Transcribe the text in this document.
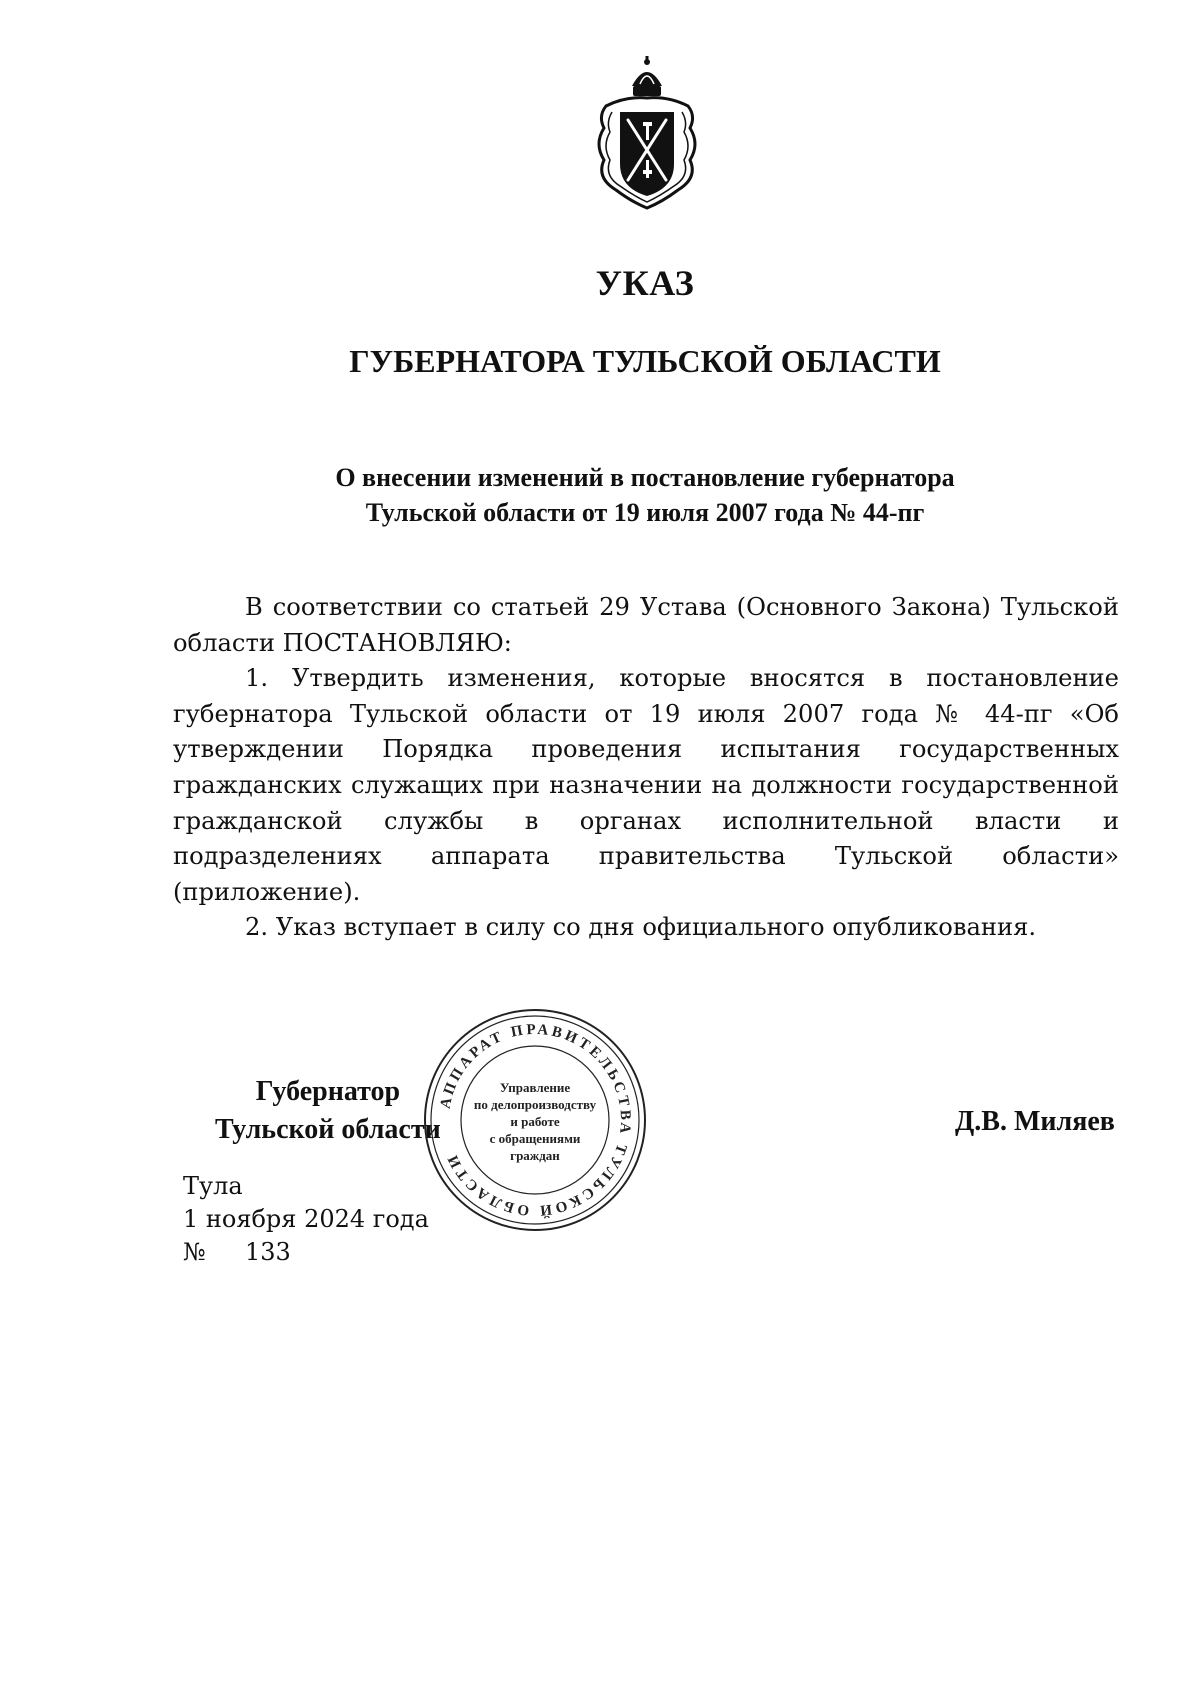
УКАЗ
ГУБЕРНАТОРА ТУЛЬСКОЙ ОБЛАСТИ
О внесении изменений в постановление губернатора
Тульской области от 19 июля 2007 года № 44-пг

В соответствии со статьей 29 Устава (Основного Закона) Тульской области ПОСТАНОВЛЯЮ:

1. Утвердить изменения, которые вносятся в постановление губернатора Тульской области от 19 июля 2007 года № 44-пг «Об утверждении Порядка проведения испытания государственных гражданских служащих при назначении на должности государственной гражданской службы в органах исполнительной власти и подразделениях аппарата правительства Тульской области» (приложение).

2. Указ вступает в силу со дня официального опубликования.

Губернатор
Тульской области	Д.В. Миляев
Тула
1 ноября 2024 года
№ 133
АППАРАТ ПРАВИТЕЛЬСТВА ТУЛЬСКОЙ ОБЛАСТИ
Управление
по делопроизводству
и работе
с обращениями
граждан
